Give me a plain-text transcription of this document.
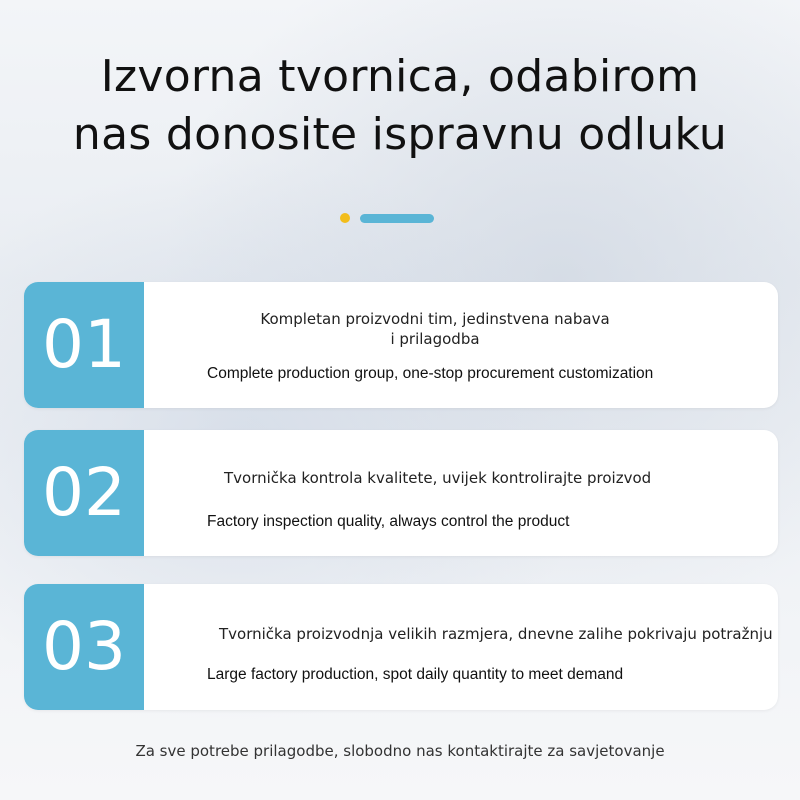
Izvorna tvornica, odabirom
nas donosite ispravnu odluku
01	Kompletan proizvodni tim, jedinstvena nabava i prilagodba
Complete production group, one-stop procurement customization
02	Tvornička kontrola kvalitete, uvijek kontrolirajte proizvod
Factory inspection quality, always control the product
03	Tvornička proizvodnja velikih razmjera, dnevne zalihe pokrivaju potražnju
Large factory production, spot daily quantity to meet demand
Za sve potrebe prilagodbe, slobodno nas kontaktirajte za savjetovanje
